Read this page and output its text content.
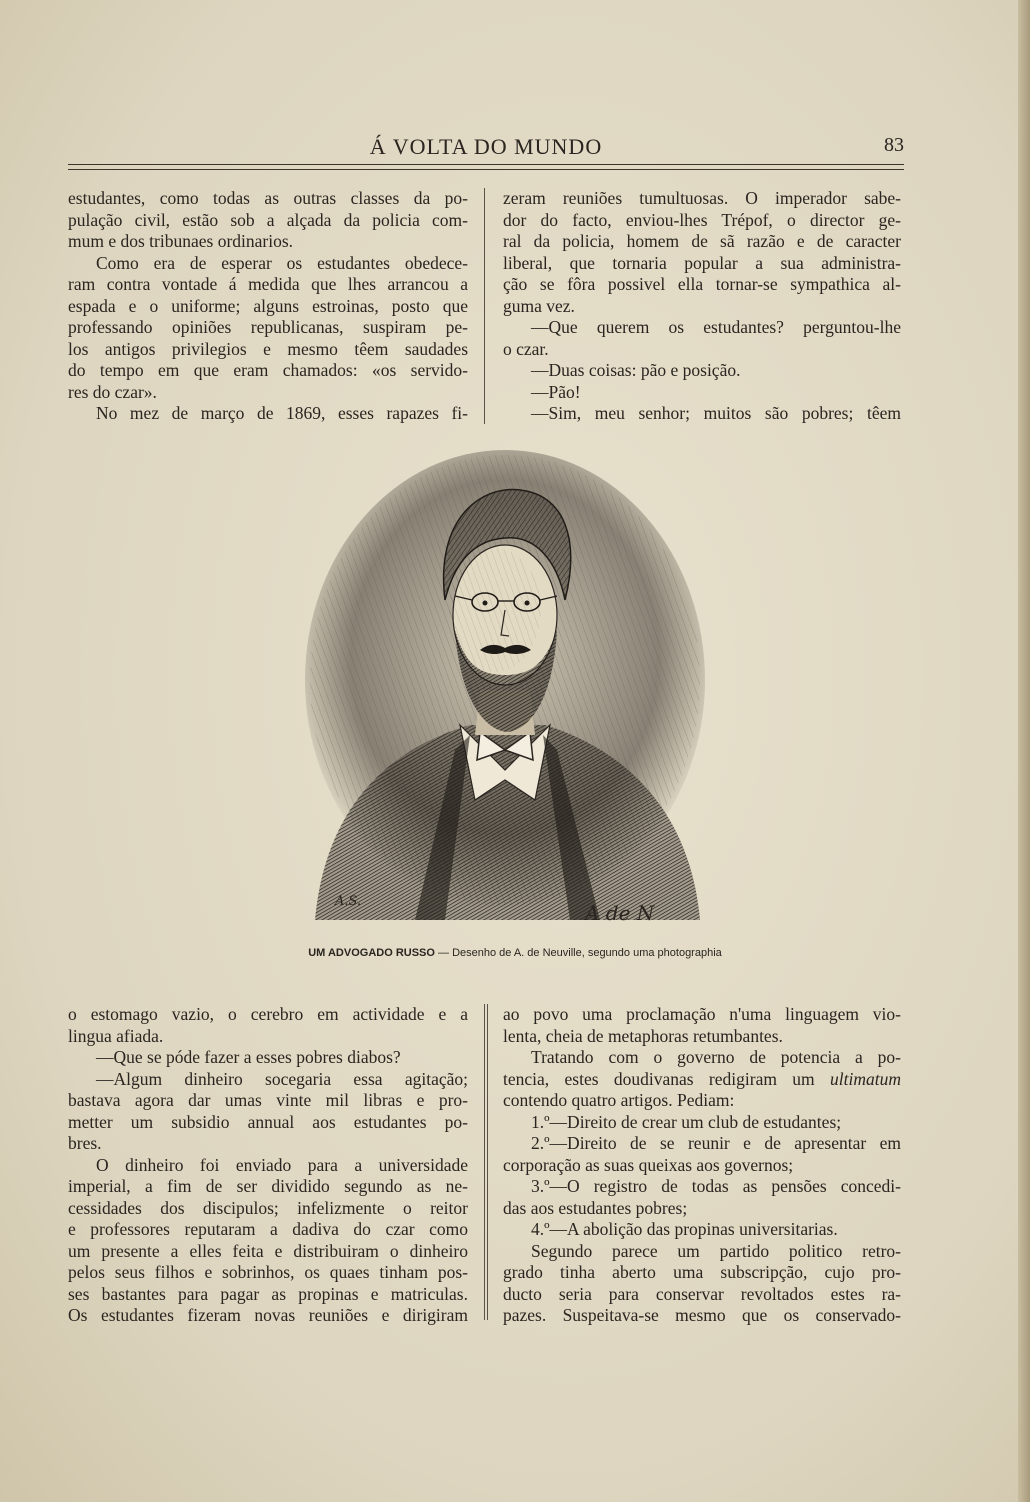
Á VOLTA DO MUNDO	83

estudantes, como todas as outras classes da po-

pulação civil, estão sob a alçada da policia com-

mum e dos tribunaes ordinarios.

Como era de esperar os estudantes obedece-

ram contra vontade á medida que lhes arrancou a

espada e o uniforme; alguns estroinas, posto que

professando opiniões republicanas, suspiram pe-

los antigos privilegios e mesmo têem saudades

do tempo em que eram chamados: «os servido-

res do czar».

No mez de março de 1869, esses rapazes fi-

zeram reuniões tumultuosas. O imperador sabe-

dor do facto, enviou-lhes Trépof, o director ge-

ral da policia, homem de sã razão e de caracter

liberal, que tornaria popular a sua administra-

ção se fôra possivel ella tornar-se sympathica al-

guma vez.

—Que querem os estudantes? perguntou-lhe

o czar.

—Duas coisas: pão e posição.

—Pão!

—Sim, meu senhor; muitos são pobres; têem

A.S.	A de N
UM ADVOGADO RUSSO — Desenho de A. de Neuville, segundo uma photographia

o estomago vazio, o cerebro em actividade e a

lingua afiada.

—Que se póde fazer a esses pobres diabos?

—Algum dinheiro socegaria essa agitação;

bastava agora dar umas vinte mil libras e pro-

metter um subsidio annual aos estudantes po-

bres.

O dinheiro foi enviado para a universidade

imperial, a fim de ser dividido segundo as ne-

cessidades dos discipulos; infelizmente o reitor

e professores reputaram a dadiva do czar como

um presente a elles feita e distribuiram o dinheiro

pelos seus filhos e sobrinhos, os quaes tinham pos-

ses bastantes para pagar as propinas e matriculas.

Os estudantes fizeram novas reuniões e dirigiram

ao povo uma proclamação n'uma linguagem vio-

lenta, cheia de metaphoras retumbantes.

Tratando com o governo de potencia a po-

tencia, estes doudivanas redigiram um ultimatum

contendo quatro artigos. Pediam:

1.º—Direito de crear um club de estudantes;

2.º—Direito de se reunir e de apresentar em

corporação as suas queixas aos governos;

3.º—O registro de todas as pensões concedi-

das aos estudantes pobres;

4.º—A abolição das propinas universitarias.

Segundo parece um partido politico retro-

grado tinha aberto uma subscripção, cujo pro-

ducto seria para conservar revoltados estes ra-

pazes. Suspeitava-se mesmo que os conservado-
